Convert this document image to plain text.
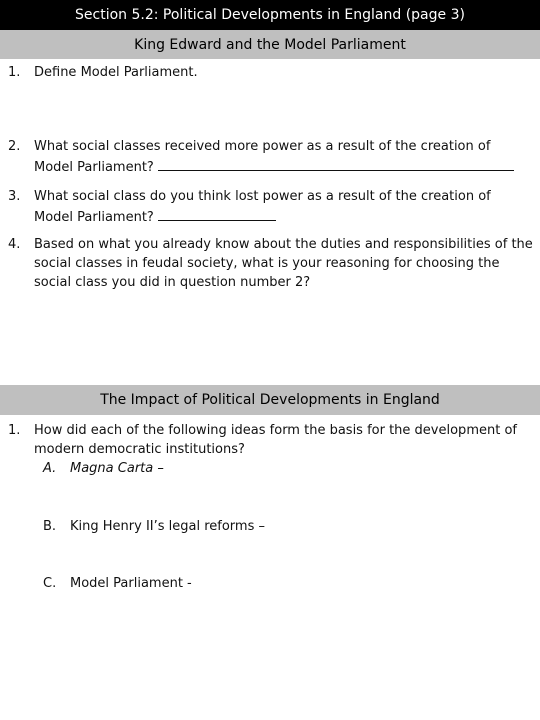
Section 5.2: Political Developments in England (page 3)
King Edward and the Model Parliament
1.	Define Model Parliament.
2.	What social classes received more power as a result of the creation of
Model Parliament?
3.	What social class do you think lost power as a result of the creation of
Model Parliament?
4.	Based on what you already know about the duties and responsibilities of the social classes in feudal society, what is your reasoning for choosing the social class you did in question number 2?
The Impact of Political Developments in England
1.	How did each of the following ideas form the basis for the development of modern democratic institutions?
A. Magna Carta –
B. King Henry II’s legal reforms –
C. Model Parliament -
